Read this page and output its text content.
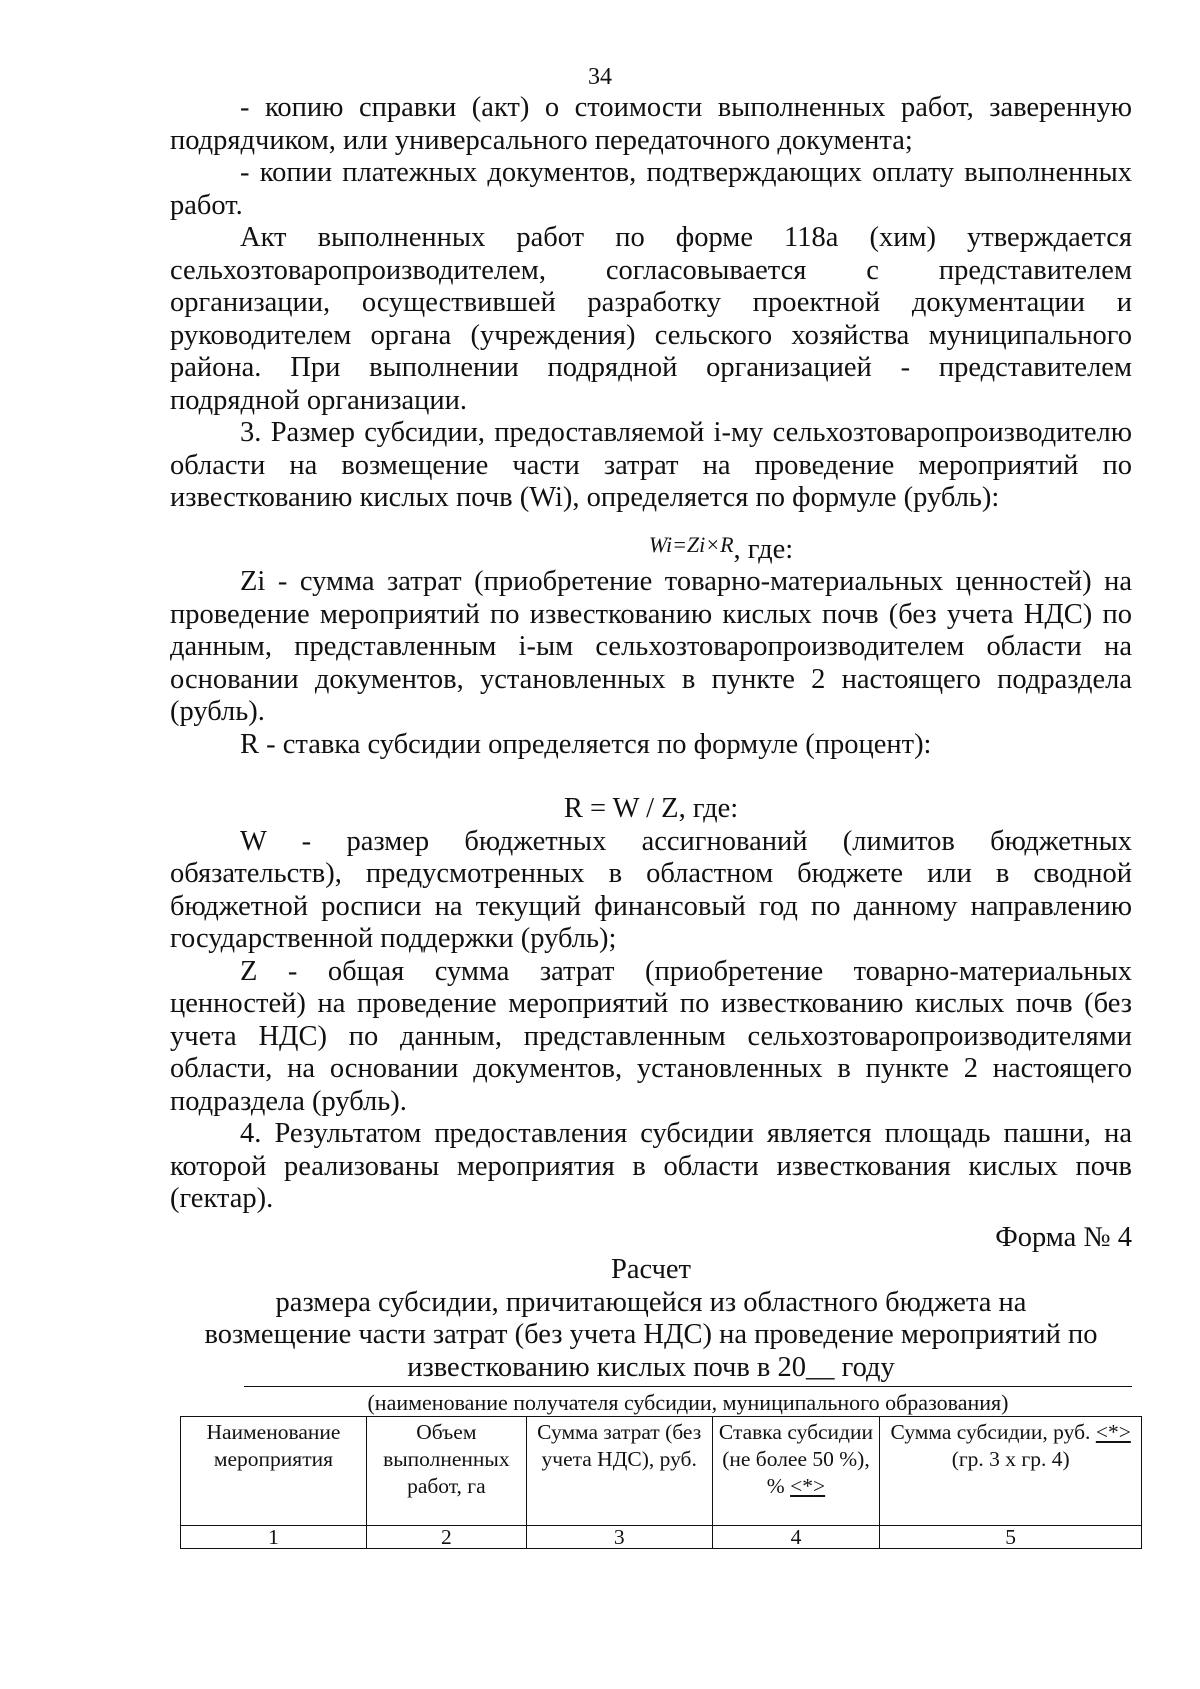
34

- копию справки (акт) о стоимости выполненных работ, заверенную подрядчиком, или универсального передаточного документа;

- копии платежных документов, подтверждающих оплату выполненных работ.

Акт выполненных работ по форме 118а (хим) утверждается сельхозтоваропроизводителем, согласовывается с представителем организации, осуществившей разработку проектной документации и руководителем органа (учреждения) сельского хозяйства муниципального района. При выполнении подрядной организацией - представителем подрядной организации.

3. Размер субсидии, предоставляемой i-му сельхозтоваропроизводителю области на возмещение части затрат на проведение мероприятий по известкованию кислых почв (Wi), определяется по формуле (рубль):

$^{Wi=Zi\times R}$, где:

Zi - сумма затрат (приобретение товарно-материальных ценностей) на проведение мероприятий по известкованию кислых почв (без учета НДС) по данным, представленным i-ым сельхозтоваропроизводителем области на основании документов, установленных в пункте 2 настоящего подраздела (рубль).

R - ставка субсидии определяется по формуле (процент):

R = W / Z, где:

W - размер бюджетных ассигнований (лимитов бюджетных обязательств), предусмотренных в областном бюджете или в сводной бюджетной росписи на текущий финансовый год по данному направлению государственной поддержки (рубль);

Z - общая сумма затрат (приобретение товарно-материальных ценностей) на проведение мероприятий по известкованию кислых почв (без учета НДС) по данным, представленным сельхозтоваропроизводителями области, на основании документов, установленных в пункте 2 настоящего подраздела (рубль).

4. Результатом предоставления субсидии является площадь пашни, на которой реализованы мероприятия в области известкования кислых почв (гектар).

Форма № 4
Расчет
размера субсидии, причитающейся из областного бюджета на
возмещение части затрат (без учета НДС) на проведение мероприятий по
известкованию кислых почв в 20__ году
(наименование получателя субсидии, муниципального образования)
Наименование мероприятия	Объем выполненных работ, га	Сумма затрат (без учета НДС), руб.	Ставка субсидии (не более 50 %), % <*>	Сумма субсидии, руб. <*>
(гр. 3 х гр. 4)
1	2	3	4	5
